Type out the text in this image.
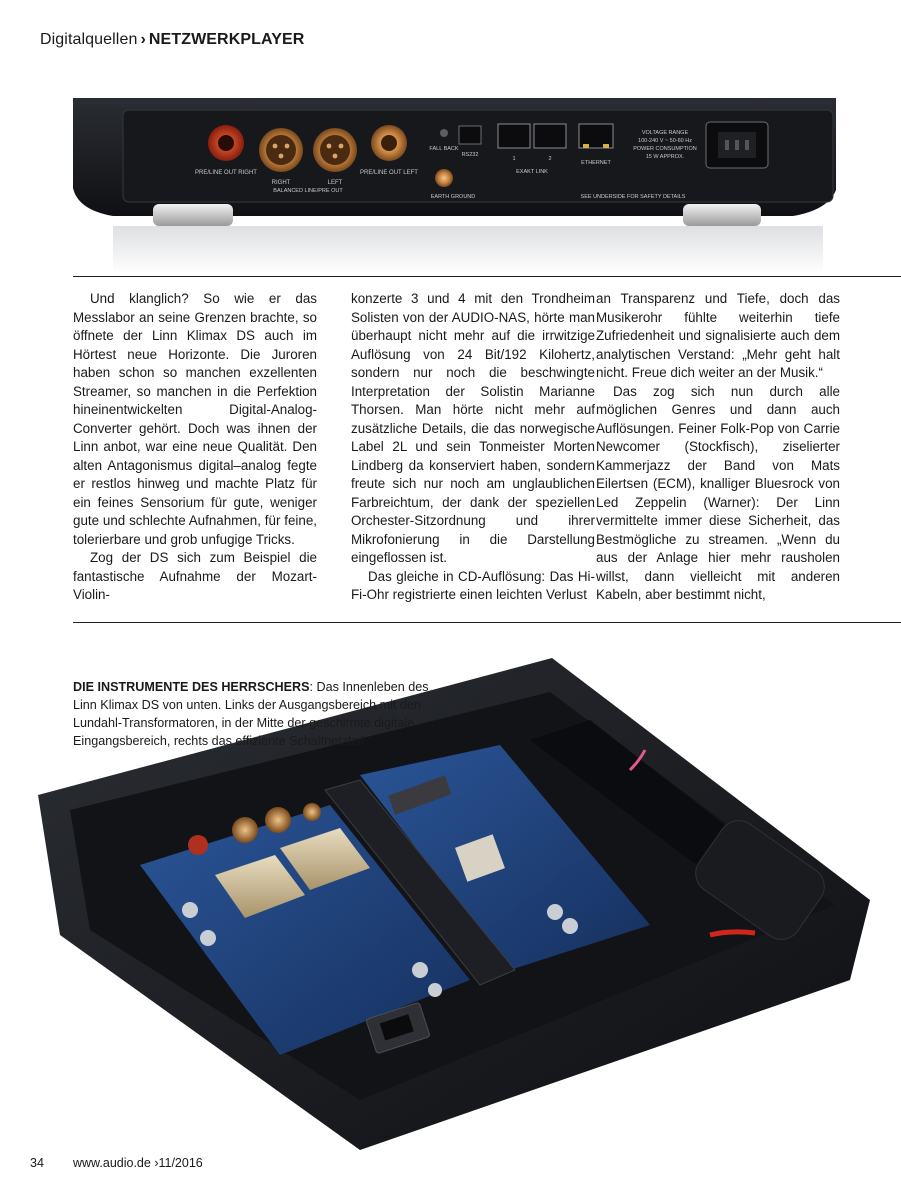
Digitalquellen › NETZWERKPLAYER
PRE/LINE OUT RIGHT
RIGHT	LEFT
BALANCED LINE/PRE OUT
PRE/LINE OUT LEFT
FALL BACK
EARTH GROUND
RS232
1	2
EXAKT LINK
ETHERNET
VOLTAGE RANGE
100-240 V ~ 50-60 Hz
POWER CONSUMPTION
15 W APPROX.
SEE UNDERSIDE FOR SAFETY DETAILS

Und klanglich? So wie er das Messlabor an seine Grenzen brachte, so öffnete der Linn Klimax DS auch im Hörtest neue Horizonte. Die Juroren haben schon so manchen exzellenten Streamer, so manchen in die Perfektion hineinentwickelten Digital-Analog-Converter gehört. Doch was ihnen der Linn anbot, war eine neue Qualität. Den alten Antagonismus digital–analog fegte er restlos hinweg und machte Platz für ein feines Sensorium für gute, weniger gute und schlechte Aufnahmen, für feine, tolerierbare und grob unfugige Tricks.

Zog der DS sich zum Beispiel die fantastische Aufnahme der Mozart-Violin-

konzerte 3 und 4 mit den Trondheim Solisten von der AUDIO-NAS, hörte man überhaupt nicht mehr auf die irrwitzige Auflösung von 24 Bit/192 Kilohertz, sondern nur noch die beschwingte Interpretation der Solistin Marianne Thorsen. Man hörte nicht mehr auf zusätzliche Details, die das norwegische Label 2L und sein Tonmeister Morten Lindberg da konserviert haben, sondern freute sich nur noch am unglaublichen Farbreichtum, der dank der speziellen Orchester-Sitzordnung und ihrer Mikrofonierung in die Darstellung eingeflossen ist.

Das gleiche in CD-Auflösung: Das Hi-Fi-Ohr registrierte einen leichten Verlust

an Transparenz und Tiefe, doch das Musikerohr fühlte weiterhin tiefe Zufriedenheit und signalisierte auch dem analytischen Verstand: „Mehr geht halt nicht. Freue dich weiter an der Musik.“

Das zog sich nun durch alle möglichen Genres und dann auch Auflösungen. Feiner Folk-Pop von Carrie Newcomer (Stockfisch), ziselierter Kammerjazz der Band von Mats Eilertsen (ECM), knalliger Bluesrock von Led Zeppelin (Warner): Der Linn vermittelte immer diese Sicherheit, das Bestmögliche zu streamen. „Wenn du aus der Anlage hier mehr rausholen willst, dann vielleicht mit anderen Kabeln, aber bestimmt nicht,

DIE INSTRUMENTE DES HERRSCHERS: Das Innenleben des Linn Klimax DS von unten. Links der Ausgangsbereich mit den Lundahl-Transformatoren, in der Mitte der geschirmte digitale Eingangsbereich, rechts das effiziente Schaltnetzteil.
34 www.audio.de ›11/2016
